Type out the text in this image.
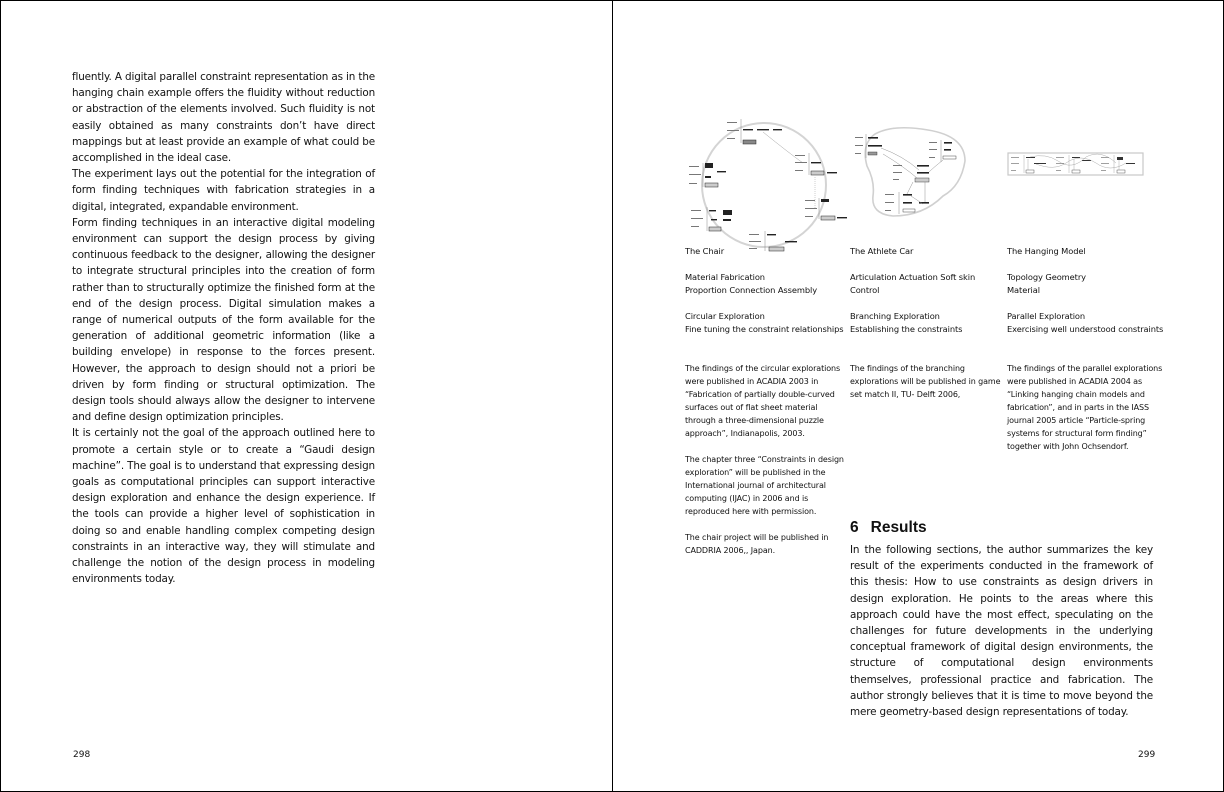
fluently. A digital parallel constraint representation as in the hanging chain example offers the fluidity without reduction or abstraction of the elements involved. Such fluidity is not easily obtained as many constraints don’t have direct mappings but at least provide an example of what could be accomplished in the ideal case.

The experiment lays out the potential for the integration of form finding techniques with fabrication strategies in a digital, integrated, expandable environment.

Form finding techniques in an interactive digital modeling environment can support the design process by giving continuous feedback to the designer, allowing the designer to integrate structural principles into the creation of form rather than to structurally optimize the finished form at the end of the design process. Digital simulation makes a range of numerical outputs of the form available for the generation of additional geometric information (like a building envelope) in response to the forces present. However, the approach to design should not a priori be driven by form finding or structural optimization. The design tools should always allow the designer to intervene and define design optimization principles.

It is certainly not the goal of the approach outlined here to promote a certain style or to create a “Gaudi design machine”. The goal is to understand that expressing design goals as computational principles can support interactive design exploration and enhance the design experience. If the tools can provide a higher level of sophistication in doing so and enable handling complex competing design constraints in an interactive way, they will stimulate and challenge the notion of the design process in modeling environments today.

298

The Chair

Material Fabrication

Proportion Connection Assembly

Circular Exploration

Fine tuning the constraint relationships

The findings of the circular explorations were published in ACADIA 2003 in “Fabrication of partially double-curved surfaces out of flat sheet material through a three-dimensional puzzle approach”, Indianapolis, 2003.

The chapter three “Constraints in design exploration” will be published in the International journal of architectural computing (IJAC) in 2006 and is reproduced here with permission.

The chair project will be published in CADDRIA 2006,, Japan.

The Athlete Car

Articulation Actuation Soft skin

Control

Branching Exploration

Establishing the constraints

The findings of the branching explorations will be published in game set match II, TU- Delft 2006,

The Hanging Model

Topology Geometry

Material

Parallel Exploration

Exercising well understood constraints

The findings of the parallel explorations were published in ACADIA 2004 as “Linking hanging chain models and fabrication”, and in parts in the IASS journal 2005 article “Particle-spring systems for structural form finding” together with John Ochsendorf.

6 Results

In the following sections, the author summarizes the key result of the experiments conducted in the framework of this thesis: How to use constraints as design drivers in design exploration. He points to the areas where this approach could have the most effect, speculating on the challenges for future developments in the underlying conceptual framework of digital design environments, the structure of computational design environments themselves, professional practice and fabrication. The author strongly believes that it is time to move beyond the mere geometry-based design representations of today.

299
